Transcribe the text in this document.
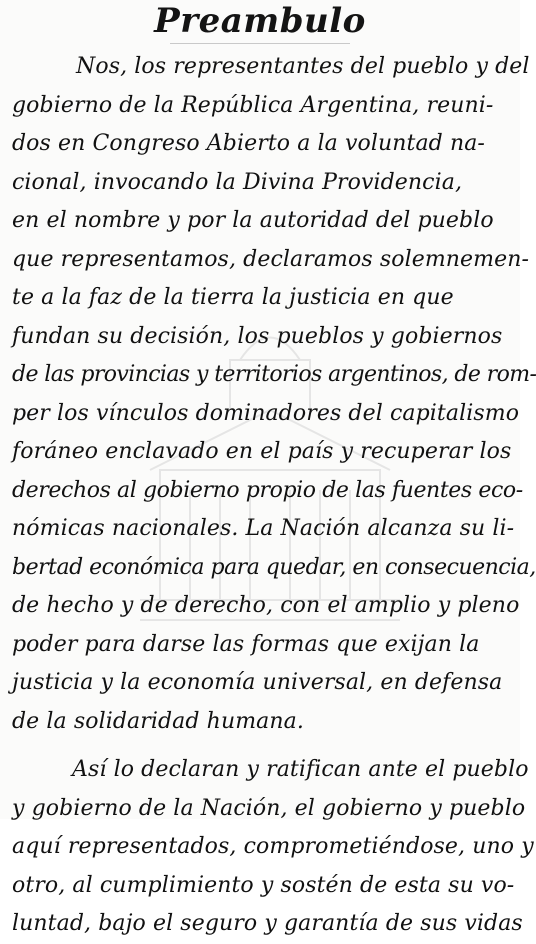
Preambulo
Nos, los representantes del pueblo y del
gobierno de la República Argentina, reuni-
dos en Congreso Abierto a la voluntad na-
cional, invocando la Divina Providencia,
en el nombre y por la autoridad del pueblo
que representamos, declaramos solemnemen-
te a la faz de la tierra la justicia en que
fundan su decisión, los pueblos y gobiernos
de las provincias y territorios argentinos, de rom-
per los vínculos dominadores del capitalismo
foráneo enclavado en el país y recuperar los
derechos al gobierno propio de las fuentes eco-
nómicas nacionales. La Nación alcanza su li-
bertad económica para quedar, en consecuencia,
de hecho y de derecho, con el amplio y pleno
poder para darse las formas que exijan la
justicia y la economía universal, en defensa
de la solidaridad humana.
Así lo declaran y ratifican ante el pueblo
y gobierno de la Nación, el gobierno y pueblo
aquí representados, comprometiéndose, uno y
otro, al cumplimiento y sostén de esta su vo-
luntad, bajo el seguro y garantía de sus vidas
